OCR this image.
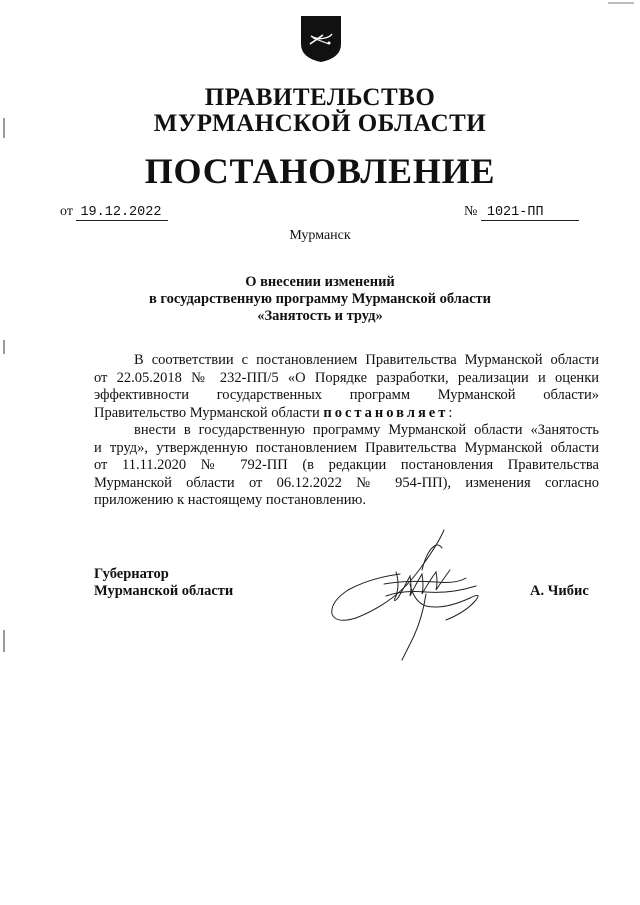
ПРАВИТЕЛЬСТВО
МУРМАНСКОЙ ОБЛАСТИ
ПОСТАНОВЛЕНИЕ
от 19.12.2022	№ 1021-ПП
Мурманск
О внесении изменений
в государственную программу Мурманской области
«Занятость и труд»
В соответствии с постановлением Правительства Мурманской области
от 22.05.2018 № 232-ПП/5 «О Порядке разработки, реализации и оценки
эффективности государственных программ Мурманской области»
Правительство Мурманской области постановляет:
внести в государственную программу Мурманской области «Занятость
и труд», утвержденную постановлением Правительства Мурманской области
от 11.11.2020 № 792-ПП (в редакции постановления Правительства
Мурманской области от 06.12.2022 № 954-ПП), изменения согласно
приложению к настоящему постановлению.
Губернатор
Мурманской области	А. Чибис
